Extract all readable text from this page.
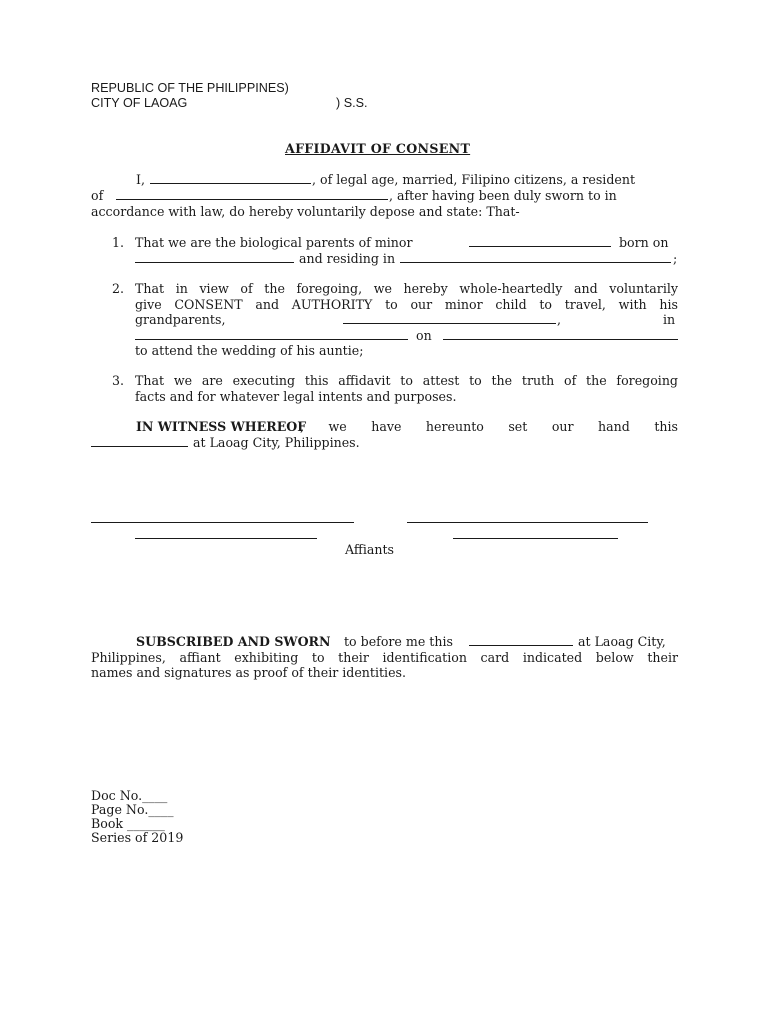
REPUBLIC OF THE PHILIPPINES)
CITY OF LAOAG	) S.S.
AFFIDAVIT OF CONSENT
I,	, of legal age, married, Filipino citizens, a resident
of	, after having been duly sworn to in
accordance with law, do hereby voluntarily depose and state: That-
1. That we are the biological parents of minor	born on
and residing in	;
2. That in view of the foregoing, we hereby whole-heartedly and voluntarily
give CONSENT and AUTHORITY to our minor child to travel, with his
grandparents,	,	in
on
to attend the wedding of his auntie;
3. That we are executing this affidavit to attest to the truth of the foregoing
facts and for whatever legal intents and purposes.
IN WITNESS WHEREOF
, we have hereunto set our hand this
at Laoag City, Philippines.
Affiants
SUBSCRIBED AND SWORN to before me this	at Laoag City,
Philippines, affiant exhibiting to their identification card indicated below their
names and signatures as proof of their identities.
Doc No.____
Page No.____
Book ______
Series of 2019
